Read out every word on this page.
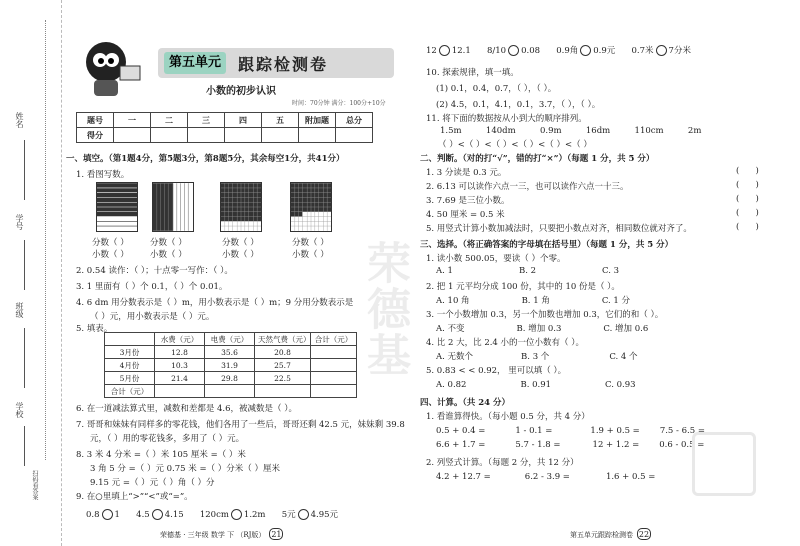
姓名
学号
班级
学校
扫码看答案
第五单元	跟踪检测卷
小数的初步认识
时间：70分钟 满分：100分+10分
题号	一	二	三	四	五	附加题	总分
得分							
一、填空。（第1题4分，第5题3分，第8题5分，其余每空1分，共41分）
1. 看图写数。
分数（ ）	分数（ ）	分数（ ）	分数（ ）
小数（ ）	小数（ ）	小数（ ）	小数（ ）
2. 0.54 读作：（ ）；十点零一写作：（ ）。
3. 1 里面有（ ）个 0.1，（ ）个 0.01。
4. 6 dm 用分数表示是（ ）m，用小数表示是（ ）m；9 分用分数表示是
（ ）元，用小数表示是（ ）元。
5. 填表。
	水费（元）	电费（元）	天然气费（元）	合计（元）
3月份	12.8	35.6	20.8	
4月份	10.3	31.9	25.7	
5月份	21.4	29.8	22.5	
合计（元）				
6. 在一道减法算式里，减数和差都是 4.6，被减数是（ ）。
7. 哥哥和妹妹有同样多的零花钱，他们各用了一些后，哥哥还剩 42.5 元，妹妹剩 39.8
元，（ ）用的零花钱多，多用了（ ）元。
8. 3 米 4 分米 =（ ）米 105 厘米 =（ ）米
3 角 5 分 =（ ）元 0.75 米 =（ ）分米（ ）厘米
9.15 元 =（ ）元（ ）角（ ）分
9. 在○里填上“>”“<”或“=”。
0.8 1 4.5 4.15 120cm 1.2m 5元 4.95元
荣德基 · 三年级 数学 下 （RJ版） 21
荣德基
12 12.1 8/10 0.08 0.9角 0.9元 0.7米 7分米
10. 探索规律，填一填。
(1) 0.1，0.4，0.7，（ ），（ ）。
(2) 4.5，0.1，4.1，0.1，3.7，（ ），（ ）。
11. 将下面的数据按从小到大的顺序排列。
1.5m	140dm	0.9m	16dm	110cm	2m
（ ）<（ ）<（ ）<（ ）<（ ）<（ ）
二、判断。（对的打“√”，错的打“×”）（每题 1 分，共 5 分）
1. 3 分读是 0.3 元。
2. 6.13 可以读作六点一三，也可以读作六点一十三。
3. 7.69 是三位小数。
4. 50 厘米 = 0.5 米
5. 用竖式计算小数加减法时，只要把小数点对齐，相同数位就对齐了。
(      )
(      )
(      )
(      )
(      )
三、选择。（将正确答案的字母填在括号里）（每题 1 分，共 5 分）
1. 读小数 500.05，要读（ ）个零。
A. 1	B. 2	C. 3
2. 把 1 元平均分成 100 份，其中的 10 份是（ ）。
A. 10 角	B. 1 角	C. 1 分
3. 一个小数增加 0.3，另一个加数也增加 0.3，它们的和（ ）。
A. 不变	B. 增加 0.3	C. 增加 0.6
4. 比 2 大，比 2.4 小的一位小数有（ ）。
A. 无数个	B. 3 个	C. 4 个
5. 0.83 < < 0.92， 里可以填（ ）。
A. 0.82	B. 0.91	C. 0.93
四、计算。（共 24 分）
1. 看谁算得快。（每小题 0.5 分，共 4 分）
0.5 + 0.4 =	1 - 0.1 =	1.9 + 0.5 = 7.5 - 6.5 =
6.6 + 1.7 =	5.7 - 1.8 =	12 + 1.2 = 0.6 - 0.5 =
2. 列竖式计算。（每题 2 分，共 12 分）
4.2 + 12.7 =	6.2 - 3.9 =	1.6 + 0.5 =
第五单元跟踪检测卷 22
